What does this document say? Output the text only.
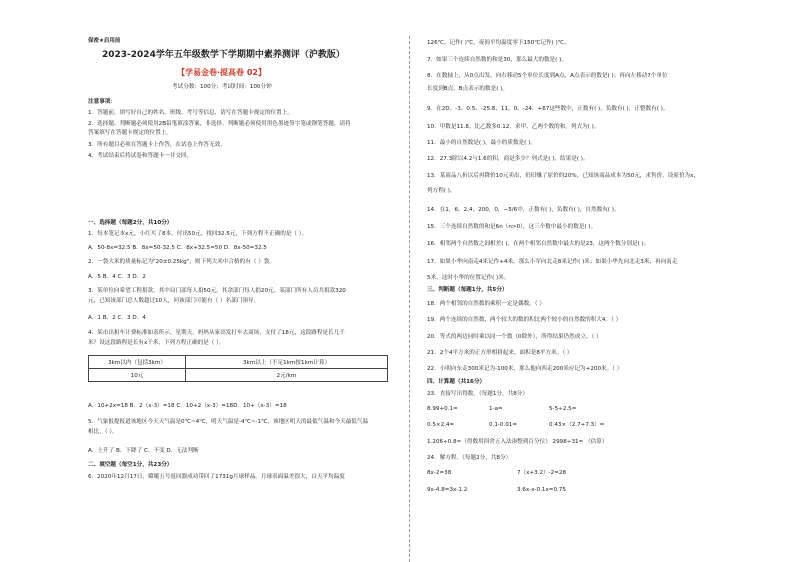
保密★启用前
2023-2024学年五年级数学下学期期中素养测评（沪教版）
【学易金卷·提高卷 02】
考试分数：100分；考试时间：100分钟
注意事项：
1．答题前，填写好自己的姓名、班级、考号等信息，请写在答题卡规定的位置上。
2．选择题、判断题必须使用2B铅笔填涂答案，非选择、判断题必须使用黑色墨迹签字笔或钢笔答题，请将
答案填写在答题卡规定的位置上。
3．所有题目必须在答题卡上作答，在试卷上作答无效。
4．考试结束后将试卷和答题卡一并交回。
一、选择题（每题2分，共10分）
1．每本笔记本x元，小红买了8本，付出50元，找回32.5元，下列方程不正确的是（ ）。
A．50-8x=32.5 B．8x=50-32.5 C．8x+32.5=50 D．8x-50=32.5
2．一袋大米的质量标记为"20±0.25kg"，则下列大米中合格的有（ ）袋。
A．5 B．4 C．3 D．2
3．某单位向希望工程捐款，其中局门部每人捐50元，其余部门每人捐20元。某部门所有人员共捐款320
元，已知该部门总人数超过10人，问该部门可能有（ ）名部门领导。
A．1 B．2 C．3 D．4
4．某市出租车计费标准如表所示。星期天，妈妈从家出发打车去商场，支付了18元，这段路程是长几千
米？设这段路程是长有x千米，下列方程正确的是（ ）。
3km以内（包括3km）	3km以上（不足1km按1km计算）
10元	2元/km
A．10+2x=18 B．2（x-3）=18 C．10+2（x-3）=18D．10+（x-3）=18
5．气象报提报道该地区今天天气温是0℃~4℃，明天气温是-4℃~-1℃，该地区明天的最低气温和今天最低气温
相比，（ ）。
A．上升了 B．下降了 C．不变 D．无法判断
二、填空题（每空1分，共23分）
6．2020年12月17日，嫦娥五号返回器成功带回了1731g月球样品。月球表面温差很大，白天平均温度
126℃，记作( )℃，夜间平均温度零下150℃记作( )℃。
7．如果三个连续自然数的和是30，那么最大的数是( )。
8．在数轴上，从0点出发，向右移动5个单位长度到A点，A点表示的数是( )；再向左移动7个单位
长度到B点，B点表示的数是( )。
9．在2D、-3、0.5、-25.8、11、0、-24、+67这些数中，正数有( )，负数有( )，正整数有( )。
10．甲数是11.8，比乙数多0.12，求甲、乙两个数的和，列式为( )。
11．最小的自然数是( )，最小的质数是( )。
12．27.3除以4.2与1.6的积，商是多少？列式是( )，结果是( )。
13．某商品八折以后再降价10元卖出，仍旧赚了原价的20%。已知该商品成本为50元，求售价。设原价为x，
列方程( )。
14．在1，6，2.4，200，0，−5/6中，正数有( )，负数有( )，自然数有( )。
15．三个连续自然数的和是6n（n>0），这三个数中最小的数是( )。
16．相邻两个自然数之间相差( )，在两个相邻自然数中最大的是23，这两个数分别是( )。
17．如果小华向南走4米记作+4米，那么小军向北走8米记作( )米；如果小华先向北走3米，再向南走
5米，这时小华的位置记作( )米。
三、判断题（每题1分，共5分）
18．两个相邻的自然数的乘积一定是偶数。（ ）
19．两个连续的自然数，两个较大的数的积比两个较小的自然数的积大4。（ ）
20．等式的两边同时乘以同一个数（0除外），所得结果仍然成立。（ ）
21．2个4平方米的正方形相拼起来，面积是8平方米。（ ）
22．小明向东走300米记为-100米，那么他向西走200米应记为+200米。（ ）
四、计算题（共16分）
23．直接写出得数。（每题1分，共8分）
8.99+0.1=	1-a=	5-5÷2.5=
0.5×2.4=	0.1-0.01=	0.43×（2.7+7.3）=
1.206÷0.8≈（得数用四舍五入法凑整到百分位） 2998÷31≈ （估算）
24．解方程。（每题2分，共8分）
8x-2=38	7（x+3.2）-2=28
9x-4.8=3x-1.2	3.6x-x-0.1x=0.75
